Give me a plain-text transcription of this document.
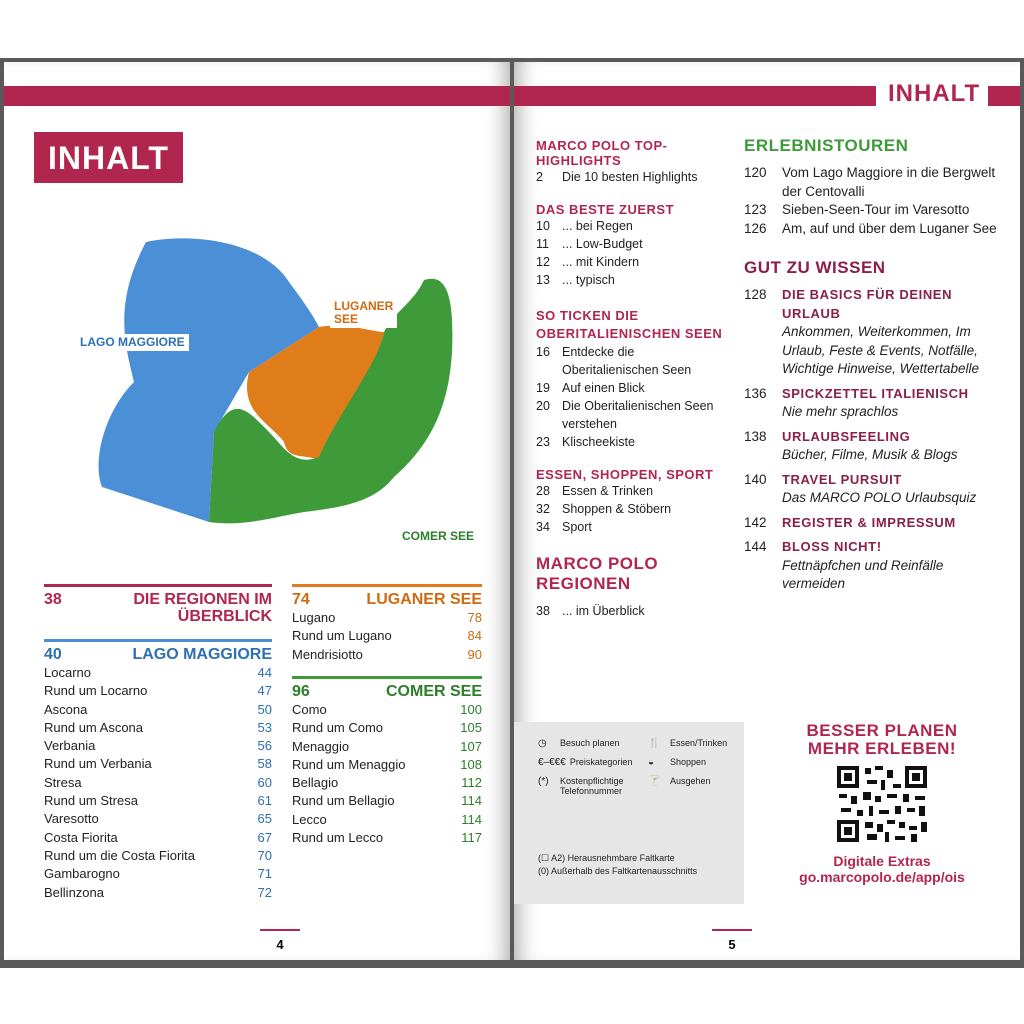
INHALT
LAGO MAGGIORE
LUGANER
SEE
COMER SEE
38	DIE REGIONEN IM ÜBERBLICK
40	LAGO MAGGIORE
Locarno	44
Rund um Locarno	47
Ascona	50
Rund um Ascona	53
Verbania	56
Rund um Verbania	58
Stresa	60
Rund um Stresa	61
Varesotto	65
Costa Fiorita	67
Rund um die Costa Fiorita	70
Gambarogno	71
Bellinzona	72
74	LUGANER SEE
Lugano	78
Rund um Lugano	84
Mendrisiotto	90
96	COMER SEE
Como	100
Rund um Como	105
Menaggio	107
Rund um Menaggio	108
Bellagio	112
Rund um Bellagio	114
Lecco	114
Rund um Lecco	117
4
INHALT
MARCO POLO TOP-HIGHLIGHTS
2	Die 10 besten Highlights
DAS BESTE ZUERST
10 ... bei Regen
11	... Low-Budget
12 ... mit Kindern
13 ... typisch
SO TICKEN DIE OBERITALIENISCHEN SEEN
16 Entdecke die Oberitalienischen Seen
19 Auf einen Blick
20 Die Oberitalienischen Seen verstehen
23 Klischeekiste
ESSEN, SHOPPEN, SPORT
28 Essen & Trinken
32 Shoppen & Stöbern
34 Sport
MARCO POLO REGIONEN
38 ... im Überblick
ERLEBNISTOUREN
120	Vom Lago Maggiore in die Bergwelt der Centovalli
123	Sieben-Seen-Tour im Varesotto
126	Am, auf und über dem Luganer See
GUT ZU WISSEN
128	DIE BASICS FÜR DEINEN URLAUB
Ankommen, Weiterkommen, Im Urlaub, Feste & Events, Notfälle, Wichtige Hinweise, Wettertabelle
136	SPICKZETTEL ITALIENISCH
Nie mehr sprachlos
138	URLAUBSFEELING
Bücher, Filme, Musik & Blogs
140	TRAVEL PURSUIT
Das MARCO POLO Urlaubsquiz
142	REGISTER & IMPRESSUM
144	BLOSS NICHT!
Fettnäpfchen und Reinfälle vermeiden
◷	Besuch planen	🍴	Essen/Trinken
€–€€€ Preiskategorien ◒	Shoppen
(*)	Kostenpflichtige Telefonnummer
🍸	Ausgehen
(☐ A2) Herausnehmbare Faltkarte
(0) Außerhalb des Faltkartenausschnitts
BESSER PLANEN
MEHR ERLEBEN!
Digitale Extras
go.marcopolo.de/app/ois
5
